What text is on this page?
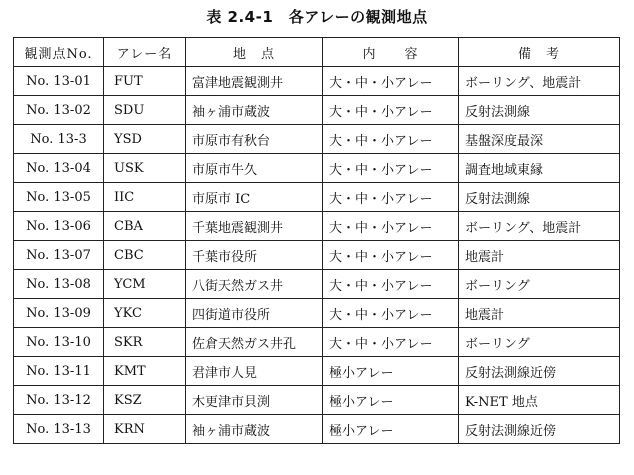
表 2.4-1　各アレーの観測地点
観測点No.	アレー名	地　点	内　　容	備　考
No. 13-01	FUT	富津地震観測井	大・中・小アレー	ボーリング、地震計
No. 13-02	SDU	袖ヶ浦市蔵波	大・中・小アレー	反射法測線
No. 13-3	YSD	市原市有秋台	大・中・小アレー	基盤深度最深
No. 13-04	USK	市原市牛久	大・中・小アレー	調査地域東縁
No. 13-05	IIC	市原市 IC	大・中・小アレー	反射法測線
No. 13-06	CBA	千葉地震観測井	大・中・小アレー	ボーリング、地震計
No. 13-07	CBC	千葉市役所	大・中・小アレー	地震計
No. 13-08	YCM	八街天然ガス井	大・中・小アレー	ボーリング
No. 13-09	YKC	四街道市役所	大・中・小アレー	地震計
No. 13-10	SKR	佐倉天然ガス井孔	大・中・小アレー	ボーリング
No. 13-11	KMT	君津市人見	極小アレー	反射法測線近傍
No. 13-12	KSZ	木更津市貝渕	極小アレー	K-NET 地点
No. 13-13	KRN	袖ヶ浦市蔵波	極小アレー	反射法測線近傍
